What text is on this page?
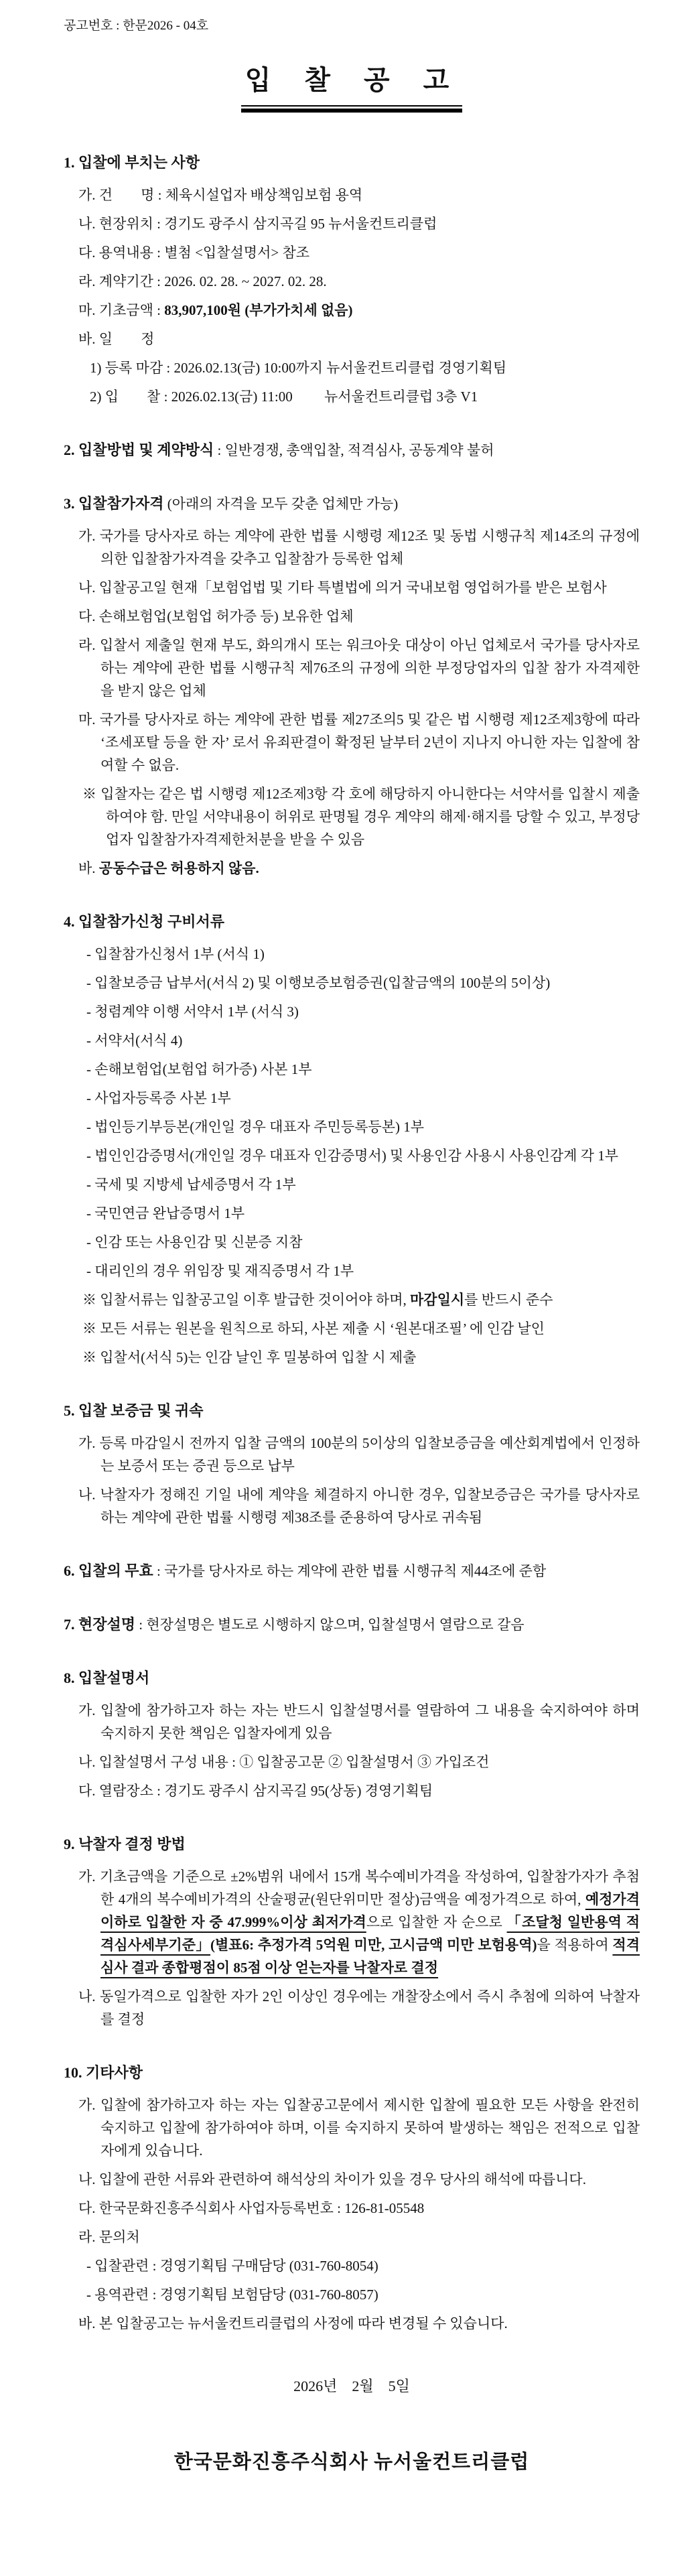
공고번호 : 한문2026 - 04호
입 찰 공 고
1. 입찰에 부치는 사항

가. 건　　명 : 체육시설업자 배상책임보험 용역

나. 현장위치 : 경기도 광주시 삼지곡길 95 뉴서울컨트리클럽

다. 용역내용 : 별첨 <입찰설명서> 참조

라. 계약기간 : 2026. 02. 28. ~ 2027. 02. 28.

마. 기초금액 : 83,907,100원 (부가가치세 없음)

바. 일　　정

1) 등록 마감 : 2026.02.13(금) 10:00까지 뉴서울컨트리클럽 경영기획팀

2) 입　　찰 : 2026.02.13(금) 11:00　　 뉴서울컨트리클럽 3층 V1

2. 입찰방법 및 계약방식 : 일반경쟁, 총액입찰, 적격심사, 공동계약 불허

3. 입찰참가자격 (아래의 자격을 모두 갖춘 업체만 가능)

가. 국가를 당사자로 하는 계약에 관한 법률 시행령 제12조 및 동법 시행규칙 제14조의 규정에 의한 입찰참가자격을 갖추고 입찰참가 등록한 업체

나. 입찰공고일 현재「보험업법 및 기타 특별법에 의거 국내보험 영업허가를 받은 보험사

다. 손해보험업(보험업 허가증 등) 보유한 업체

라. 입찰서 제출일 현재 부도, 화의개시 또는 워크아웃 대상이 아닌 업체로서 국가를 당사자로 하는 계약에 관한 법률 시행규칙 제76조의 규정에 의한 부정당업자의 입찰 참가 자격제한을 받지 않은 업체

마. 국가를 당사자로 하는 계약에 관한 법률 제27조의5 및 같은 법 시행령 제12조제3항에 따라 ‘조세포탈 등을 한 자’ 로서 유죄판결이 확정된 날부터 2년이 지나지 아니한 자는 입찰에 참여할 수 없음.

※ 입찰자는 같은 법 시행령 제12조제3항 각 호에 해당하지 아니한다는 서약서를 입찰시 제출하여야 함. 만일 서약내용이 허위로 판명될 경우 계약의 해제·해지를 당할 수 있고, 부정당업자 입찰참가자격제한처분을 받을 수 있음

바. 공동수급은 허용하지 않음.

4. 입찰참가신청 구비서류

- 입찰참가신청서 1부 (서식 1)

- 입찰보증금 납부서(서식 2) 및 이행보증보험증권(입찰금액의 100분의 5이상)

- 청렴계약 이행 서약서 1부 (서식 3)

- 서약서(서식 4)

- 손해보험업(보험업 허가증) 사본 1부

- 사업자등록증 사본 1부

- 법인등기부등본(개인일 경우 대표자 주민등록등본) 1부

- 법인인감증명서(개인일 경우 대표자 인감증명서) 및 사용인감 사용시 사용인감계 각 1부

- 국세 및 지방세 납세증명서 각 1부

- 국민연금 완납증명서 1부

- 인감 또는 사용인감 및 신분증 지참

- 대리인의 경우 위임장 및 재직증명서 각 1부

※ 입찰서류는 입찰공고일 이후 발급한 것이어야 하며, 마감일시를 반드시 준수

※ 모든 서류는 원본을 원칙으로 하되, 사본 제출 시 ‘원본대조필’ 에 인감 날인

※ 입찰서(서식 5)는 인감 날인 후 밀봉하여 입찰 시 제출

5. 입찰 보증금 및 귀속

가. 등록 마감일시 전까지 입찰 금액의 100분의 5이상의 입찰보증금을 예산회계법에서 인정하는 보증서 또는 증권 등으로 납부

나. 낙찰자가 정해진 기일 내에 계약을 체결하지 아니한 경우, 입찰보증금은 국가를 당사자로 하는 계약에 관한 법률 시행령 제38조를 준용하여 당사로 귀속됨

6. 입찰의 무효 : 국가를 당사자로 하는 계약에 관한 법률 시행규칙 제44조에 준함

7. 현장설명 : 현장설명은 별도로 시행하지 않으며, 입찰설명서 열람으로 갈음

8. 입찰설명서

가. 입찰에 참가하고자 하는 자는 반드시 입찰설명서를 열람하여 그 내용을 숙지하여야 하며 숙지하지 못한 책임은 입찰자에게 있음

나. 입찰설명서 구성 내용 : ① 입찰공고문 ② 입찰설명서 ③ 가입조건

다. 열람장소 : 경기도 광주시 삼지곡길 95(상동) 경영기획팀

9. 낙찰자 결정 방법

가. 기초금액을 기준으로 ±2%범위 내에서 15개 복수예비가격을 작성하여, 입찰참가자가 추첨한 4개의 복수예비가격의 산술평균(원단위미만 절상)금액을 예정가격으로 하여, 예정가격 이하로 입찰한 자 중 47.999%이상 최저가격으로 입찰한 자 순으로 「조달청 일반용역 적격심사세부기준」(별표6: 추정가격 5억원 미만, 고시금액 미만 보험용역)을 적용하여 적격심사 결과 종합평점이 85점 이상 얻는자를 낙찰자로 결정

나. 동일가격으로 입찰한 자가 2인 이상인 경우에는 개찰장소에서 즉시 추첨에 의하여 낙찰자를 결정

10. 기타사항

가. 입찰에 참가하고자 하는 자는 입찰공고문에서 제시한 입찰에 필요한 모든 사항을 완전히 숙지하고 입찰에 참가하여야 하며, 이를 숙지하지 못하여 발생하는 책임은 전적으로 입찰자에게 있습니다.

나. 입찰에 관한 서류와 관련하여 해석상의 차이가 있을 경우 당사의 해석에 따릅니다.

다. 한국문화진흥주식회사 사업자등록번호 : 126-81-05548

라. 문의처

- 입찰관련 : 경영기획팀 구매담당 (031-760-8054)

- 용역관련 : 경영기획팀 보험담당 (031-760-8057)

바. 본 입찰공고는 뉴서울컨트리클럽의 사정에 따라 변경될 수 있습니다.

2026년　2월　5일

한국문화진흥주식회사 뉴서울컨트리클럽
